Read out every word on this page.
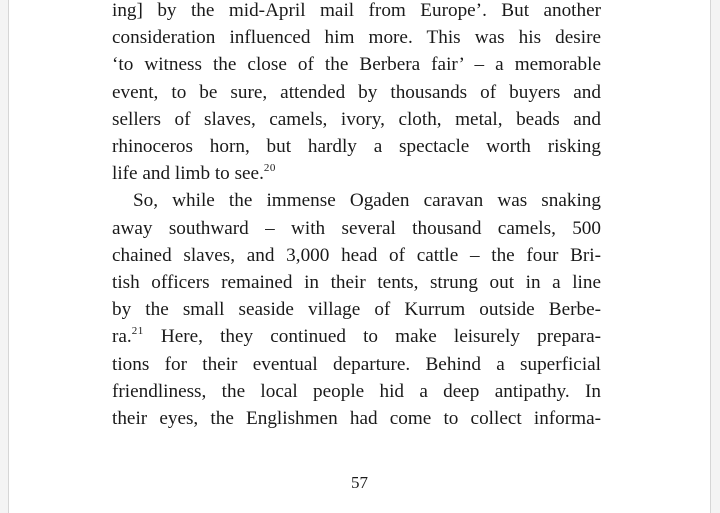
ing] by the mid-April mail from Europe’. But another
consideration influenced him more. This was his desire
‘to witness the close of the Berbera fair’ – a memorable
event, to be sure, attended by thousands of buyers and
sellers of slaves, camels, ivory, cloth, metal, beads and
rhinoceros horn, but hardly a spectacle worth risking
life and limb to see.$^{20}$
So, while the immense Ogaden caravan was snaking
away southward – with several thousand camels, 500
chained slaves, and 3,000 head of cattle – the four Bri-
tish officers remained in their tents, strung out in a line
by the small seaside village of Kurrum outside Berbe-
ra.$^{21}$ Here, they continued to make leisurely prepara-
tions for their eventual departure. Behind a superficial
friendliness, the local people hid a deep antipathy. In
their eyes, the Englishmen had come to collect informa-
57
